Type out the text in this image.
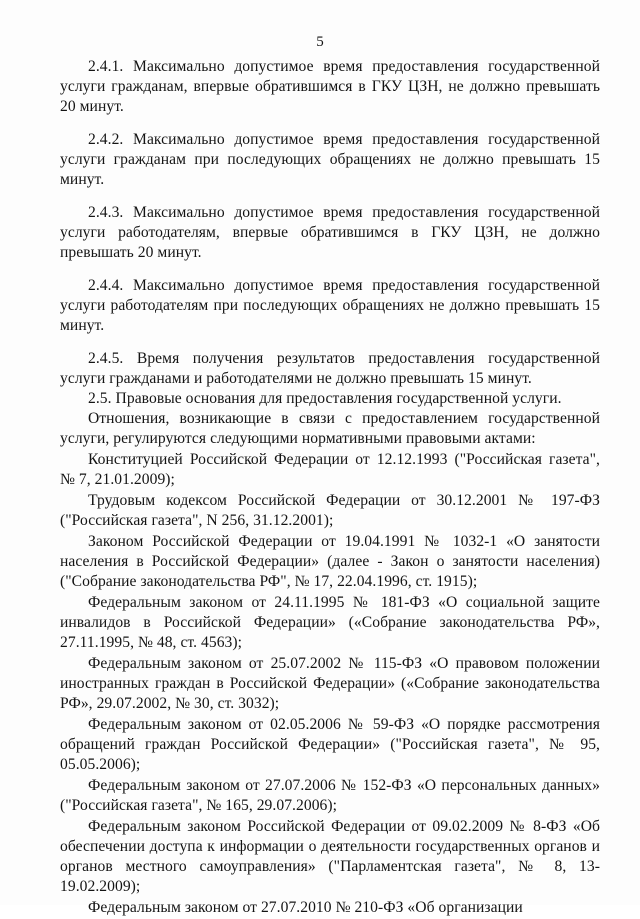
5

2.4.1. Максимально допустимое время предоставления государственной услуги гражданам, впервые обратившимся в ГКУ ЦЗН, не должно превышать 20 минут.

2.4.2. Максимально допустимое время предоставления государственной услуги гражданам при последующих обращениях не должно превышать 15 минут.

2.4.3. Максимально допустимое время предоставления государственной услуги работодателям, впервые обратившимся в ГКУ ЦЗН, не должно превышать 20 минут.

2.4.4. Максимально допустимое время предоставления государственной услуги работодателям при последующих обращениях не должно превышать 15 минут.

2.4.5. Время получения результатов предоставления государственной услуги гражданами и работодателями не должно превышать 15 минут.

2.5. Правовые основания для предоставления государственной услуги.

Отношения, возникающие в связи с предоставлением государственной услуги, регулируются следующими нормативными правовыми актами:

Конституцией Российской Федерации от 12.12.1993 ("Российская газета", № 7, 21.01.2009);

Трудовым кодексом Российской Федерации от 30.12.2001 № 197-ФЗ ("Российская газета", N 256, 31.12.2001);

Законом Российской Федерации от 19.04.1991 № 1032-1 «О занятости населения в Российской Федерации» (далее - Закон о занятости населения) ("Собрание законодательства РФ", № 17, 22.04.1996, ст. 1915);

Федеральным законом от 24.11.1995 № 181-ФЗ «О социальной защите инвалидов в Российской Федерации» («Собрание законодательства РФ», 27.11.1995, № 48, ст. 4563);

Федеральным законом от 25.07.2002 № 115-ФЗ «О правовом положении иностранных граждан в Российской Федерации» («Собрание законодательства РФ», 29.07.2002, № 30, ст. 3032);

Федеральным законом от 02.05.2006 № 59-ФЗ «О порядке рассмотрения обращений граждан Российской Федерации» ("Российская газета", № 95, 05.05.2006);

Федеральным законом от 27.07.2006 № 152-ФЗ «О персональных данных» ("Российская газета", № 165, 29.07.2006);

Федеральным законом Российской Федерации от 09.02.2009 № 8-ФЗ «Об обеспечении доступа к информации о деятельности государственных органов и органов местного самоуправления» ("Парламентская газета", № 8, 13-19.02.2009);

Федеральным законом от 27.07.2010 № 210-ФЗ «Об организации
